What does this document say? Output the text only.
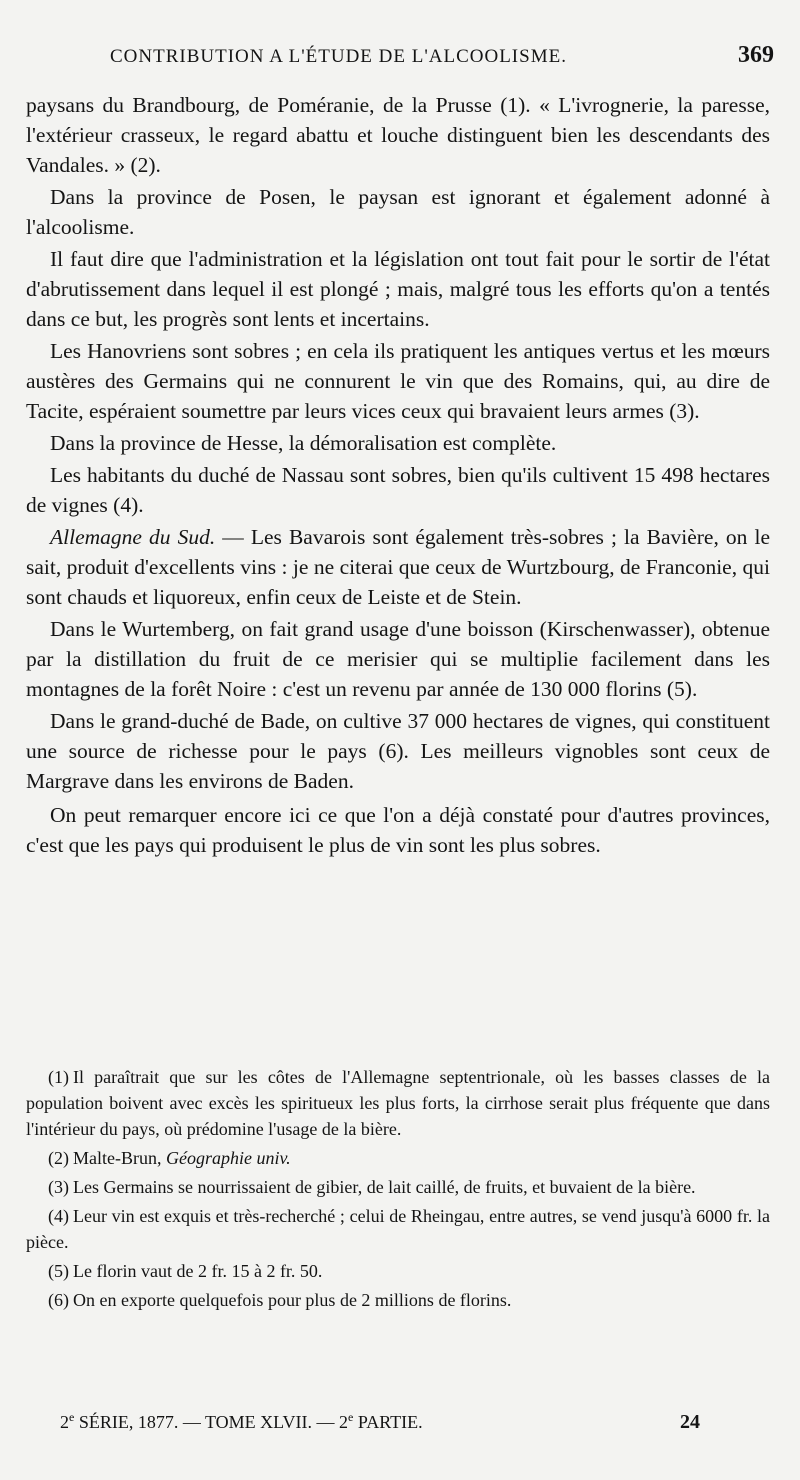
CONTRIBUTION A L'ÉTUDE DE L'ALCOOLISME.	369

paysans du Brandbourg, de Poméranie, de la Prusse (1). « L'ivrognerie, la paresse, l'extérieur crasseux, le regard abattu et louche distinguent bien les descendants des Vandales. » (2).

Dans la province de Posen, le paysan est ignorant et également adonné à l'alcoolisme.

Il faut dire que l'administration et la législation ont tout fait pour le sortir de l'état d'abrutissement dans lequel il est plongé ; mais, malgré tous les efforts qu'on a tentés dans ce but, les progrès sont lents et incertains.

Les Hanovriens sont sobres ; en cela ils pratiquent les antiques vertus et les mœurs austères des Germains qui ne connurent le vin que des Romains, qui, au dire de Tacite, espéraient soumettre par leurs vices ceux qui bravaient leurs armes (3).

Dans la province de Hesse, la démoralisation est complète.

Les habitants du duché de Nassau sont sobres, bien qu'ils cultivent 15 498 hectares de vignes (4).

Allemagne du Sud. — Les Bavarois sont également très-sobres ; la Bavière, on le sait, produit d'excellents vins : je ne citerai que ceux de Wurtzbourg, de Franconie, qui sont chauds et liquoreux, enfin ceux de Leiste et de Stein.

Dans le Wurtemberg, on fait grand usage d'une boisson (Kirschenwasser), obtenue par la distillation du fruit de ce merisier qui se multiplie facilement dans les montagnes de la forêt Noire : c'est un revenu par année de 130 000 florins (5).

Dans le grand-duché de Bade, on cultive 37 000 hectares de vignes, qui constituent une source de richesse pour le pays (6). Les meilleurs vignobles sont ceux de Margrave dans les environs de Baden.

On peut remarquer encore ici ce que l'on a déjà constaté pour d'autres provinces, c'est que les pays qui produisent le plus de vin sont les plus sobres.

(1) Il paraîtrait que sur les côtes de l'Allemagne septentrionale, où les basses classes de la population boivent avec excès les spiritueux les plus forts, la cirrhose serait plus fréquente que dans l'intérieur du pays, où prédomine l'usage de la bière.

(2) Malte-Brun, Géographie univ.

(3) Les Germains se nourrissaient de gibier, de lait caillé, de fruits, et buvaient de la bière.

(4) Leur vin est exquis et très-recherché ; celui de Rheingau, entre autres, se vend jusqu'à 6000 fr. la pièce.

(5) Le florin vaut de 2 fr. 15 à 2 fr. 50.

(6) On en exporte quelquefois pour plus de 2 millions de florins.

2e SÉRIE, 1877. — TOME XLVII. — 2e PARTIE.	24
